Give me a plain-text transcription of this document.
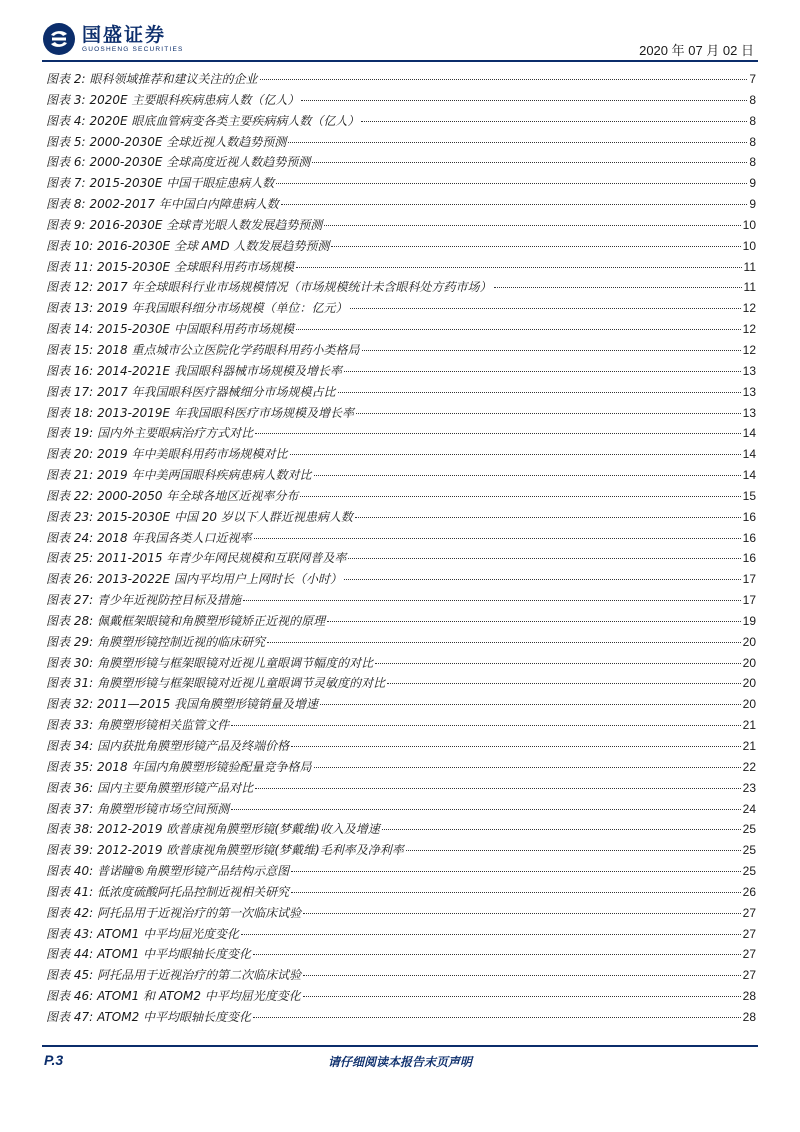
国盛证券
GUOSHENG SECURITIES	2020 年 07 月 02 日
图表 2: 眼科领域推荐和建议关注的企业	7
图表 3: 2020E 主要眼科疾病患病人数（亿人）	8
图表 4: 2020E 眼底血管病变各类主要疾病病人数（亿人）	8
图表 5: 2000-2030E 全球近视人数趋势预测	8
图表 6: 2000-2030E 全球高度近视人数趋势预测	8
图表 7: 2015-2030E 中国干眼症患病人数	9
图表 8: 2002-2017 年中国白内障患病人数	9
图表 9: 2016-2030E 全球青光眼人数发展趋势预测	10
图表 10: 2016-2030E 全球 AMD 人数发展趋势预测	10
图表 11: 2015-2030E 全球眼科用药市场规模	11
图表 12: 2017 年全球眼科行业市场规模情况（市场规模统计未含眼科处方药市场）	11
图表 13: 2019 年我国眼科细分市场规模（单位：亿元）	12
图表 14: 2015-2030E 中国眼科用药市场规模	12
图表 15: 2018 重点城市公立医院化学药眼科用药小类格局	12
图表 16: 2014-2021E 我国眼科器械市场规模及增长率	13
图表 17: 2017 年我国眼科医疗器械细分市场规模占比	13
图表 18: 2013-2019E 年我国眼科医疗市场规模及增长率	13
图表 19: 国内外主要眼病治疗方式对比	14
图表 20: 2019 年中美眼科用药市场规模对比	14
图表 21: 2019 年中美两国眼科疾病患病人数对比	14
图表 22: 2000-2050 年全球各地区近视率分布	15
图表 23: 2015-2030E 中国 20 岁以下人群近视患病人数	16
图表 24: 2018 年我国各类人口近视率	16
图表 25: 2011-2015 年青少年网民规模和互联网普及率	16
图表 26: 2013-2022E 国内平均用户上网时长（小时）	17
图表 27: 青少年近视防控目标及措施	17
图表 28: 佩戴框架眼镜和角膜塑形镜矫正近视的原理	19
图表 29: 角膜塑形镜控制近视的临床研究	20
图表 30: 角膜塑形镜与框架眼镜对近视儿童眼调节幅度的对比	20
图表 31: 角膜塑形镜与框架眼镜对近视儿童眼调节灵敏度的对比	20
图表 32: 2011—2015 我国角膜塑形镜销量及增速	20
图表 33: 角膜塑形镜相关监管文件	21
图表 34: 国内获批角膜塑形镜产品及终端价格	21
图表 35: 2018 年国内角膜塑形镜验配量竞争格局	22
图表 36: 国内主要角膜塑形镜产品对比	23
图表 37: 角膜塑形镜市场空间预测	24
图表 38: 2012-2019 欧普康视角膜塑形镜(梦戴维)收入及增速	25
图表 39: 2012-2019 欧普康视角膜塑形镜(梦戴维)毛利率及净利率	25
图表 40: 普诺瞳®角膜塑形镜产品结构示意图	25
图表 41: 低浓度硫酸阿托品控制近视相关研究	26
图表 42: 阿托品用于近视治疗的第一次临床试验	27
图表 43: ATOM1 中平均屈光度变化	27
图表 44: ATOM1 中平均眼轴长度变化	27
图表 45: 阿托品用于近视治疗的第二次临床试验	27
图表 46: ATOM1 和 ATOM2 中平均屈光度变化	28
图表 47: ATOM2 中平均眼轴长度变化	28
P.3	请仔细阅读本报告末页声明
